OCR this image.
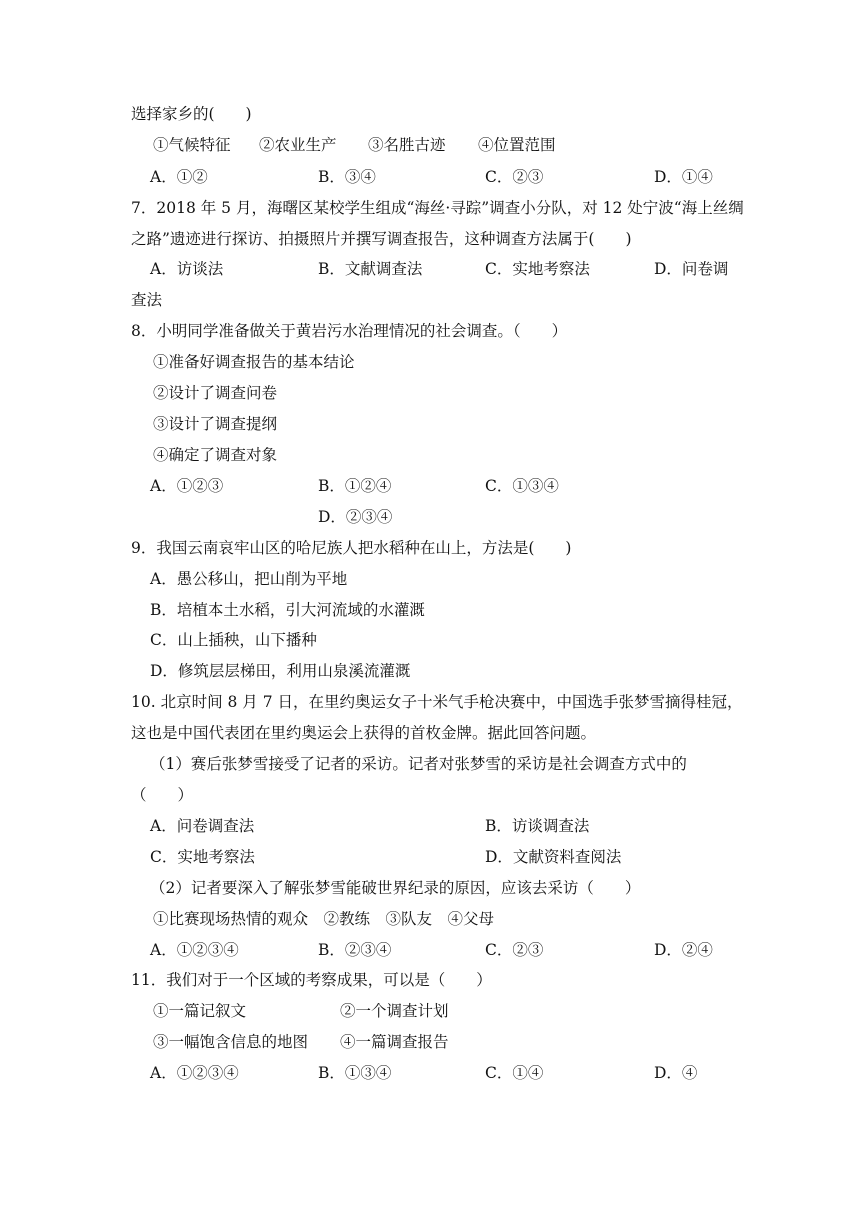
选择家乡的(　　)
①气候特征 ②农业生产 ③名胜古迹 ④位置范围
A．①②	B．③④	C．②③	D．①④
7．2018 年 5 月，海曙区某校学生组成“海丝·寻踪”调查小分队，对 12 处宁波“海上丝绸
之路”遗迹进行探访、拍摄照片并撰写调查报告，这种调查方法属于(　　)
A．访谈法	B．文献调查法	C．实地考察法	D．问卷调
查法
8．小明同学准备做关于黄岩污水治理情况的社会调查。（　　）
①准备好调查报告的基本结论
②设计了调查问卷
③设计了调查提纲
④确定了调查对象
A．①②③	B．①②④	C．①③④
D．②③④
9．我国云南哀牢山区的哈尼族人把水稻种在山上，方法是(　　)
A．愚公移山，把山削为平地
B．培植本土水稻，引大河流域的水灌溉
C．山上插秧，山下播种
D．修筑层层梯田，利用山泉溪流灌溉
10. 北京时间 8 月 7 日，在里约奥运女子十米气手枪决赛中，中国选手张梦雪摘得桂冠，
这也是中国代表团在里约奥运会上获得的首枚金牌。据此回答问题。
（1）赛后张梦雪接受了记者的采访。记者对张梦雪的采访是社会调查方式中的
（　　）
A．问卷调查法	B．访谈调查法
C．实地考察法	D．文献资料查阅法
（2）记者要深入了解张梦雪能破世界纪录的原因，应该去采访（　　）
①比赛现场热情的观众　②教练　③队友　④父母
A．①②③④	B．②③④	C．②③	D．②④
11．我们对于一个区域的考察成果，可以是（　　）
①一篇记叙文	②一个调查计划
③一幅饱含信息的地图 ④一篇调查报告
A．①②③④	B．①③④	C．①④	D．④
